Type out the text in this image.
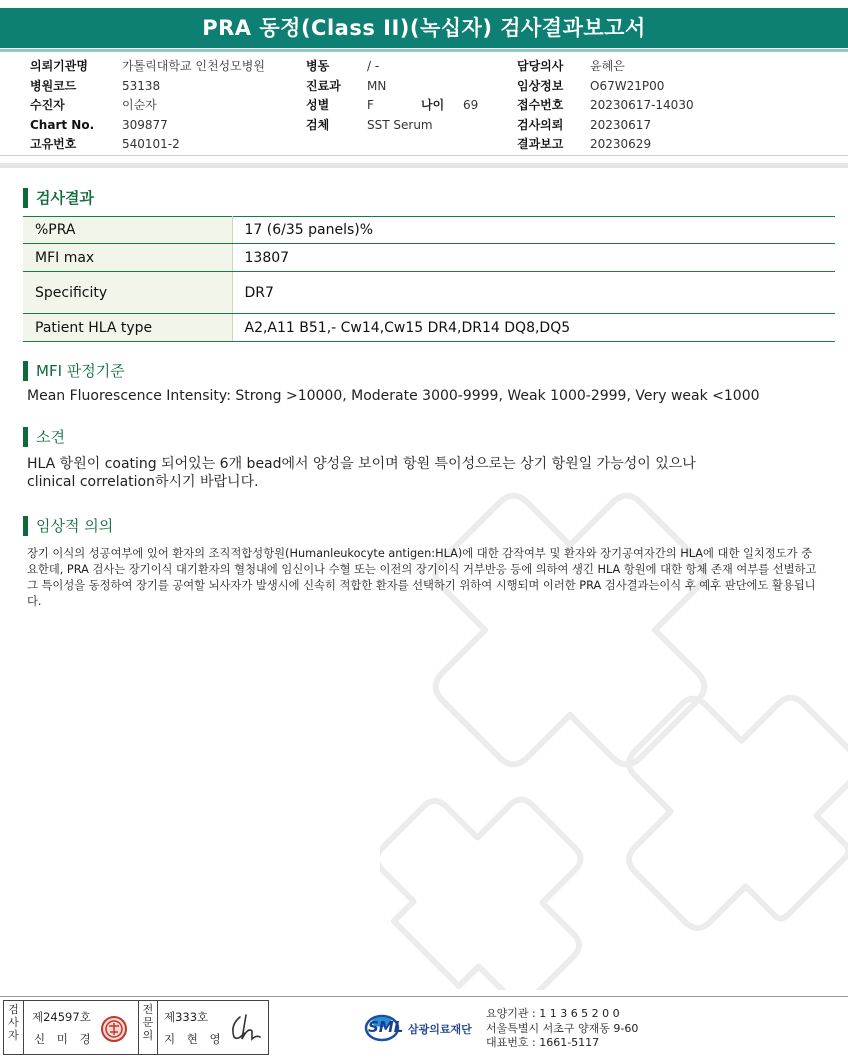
PRA 동정(Class II)(녹십자) 검사결과보고서
의뢰기관명	가톨릭대학교 인천성모병원
병원코드	53138
수진자	이순자
Chart No. 309877
고유번호	540101-2
병동	/ -
진료과 MN
성별	F	나이 69
검체	SST Serum
담당의사 윤혜은
임상정보 O67W21P00
접수번호 20230617-14030
검사의뢰 20230617
결과보고 20230629
검사결과
%PRA	17 (6/35 panels)%
MFI max	13807
Specificity	DR7
Patient HLA type	A2,A11 B51,- Cw14,Cw15 DR4,DR14 DQ8,DQ5
MFI 판정기준
Mean Fluorescence Intensity: Strong >10000, Moderate 3000-9999, Weak 1000-2999, Very weak <1000
소견
HLA 항원이 coating 되어있는 6개 bead에서 양성을 보이며 항원 특이성으로는 상기 항원일 가능성이 있으나 clinical correlation하시기 바랍니다.
임상적 의의
장기 이식의 성공여부에 있어 환자의 조직적합성항원(Humanleukocyte antigen:HLA)에 대한 감작여부 및 환자와 장기공여자간의 HLA에 대한 일치정도가 중요한데, PRA 검사는 장기이식 대기환자의 혈청내에 임신이나 수혈 또는 이전의 장기이식 거부반응 등에 의하여 생긴 HLA 항원에 대한 항체 존재 여부를 선별하고 그 특이성을 동정하여 장기를 공여할 뇌사자가 발생시에 신속히 적합한 환자를 선택하기 위하여 시행되며 이러한 PRA 검사결과는이식 후 예후 판단에도 활용됩니다.
검사자
제24597호
신 미 경
전문의
제333호
지 현 영
SML 삼광의료재단
요양기관 : 1 1 3 6 5 2 0 0
서울특별시 서초구 양재동 9-60
대표번호 : 1661-5117
